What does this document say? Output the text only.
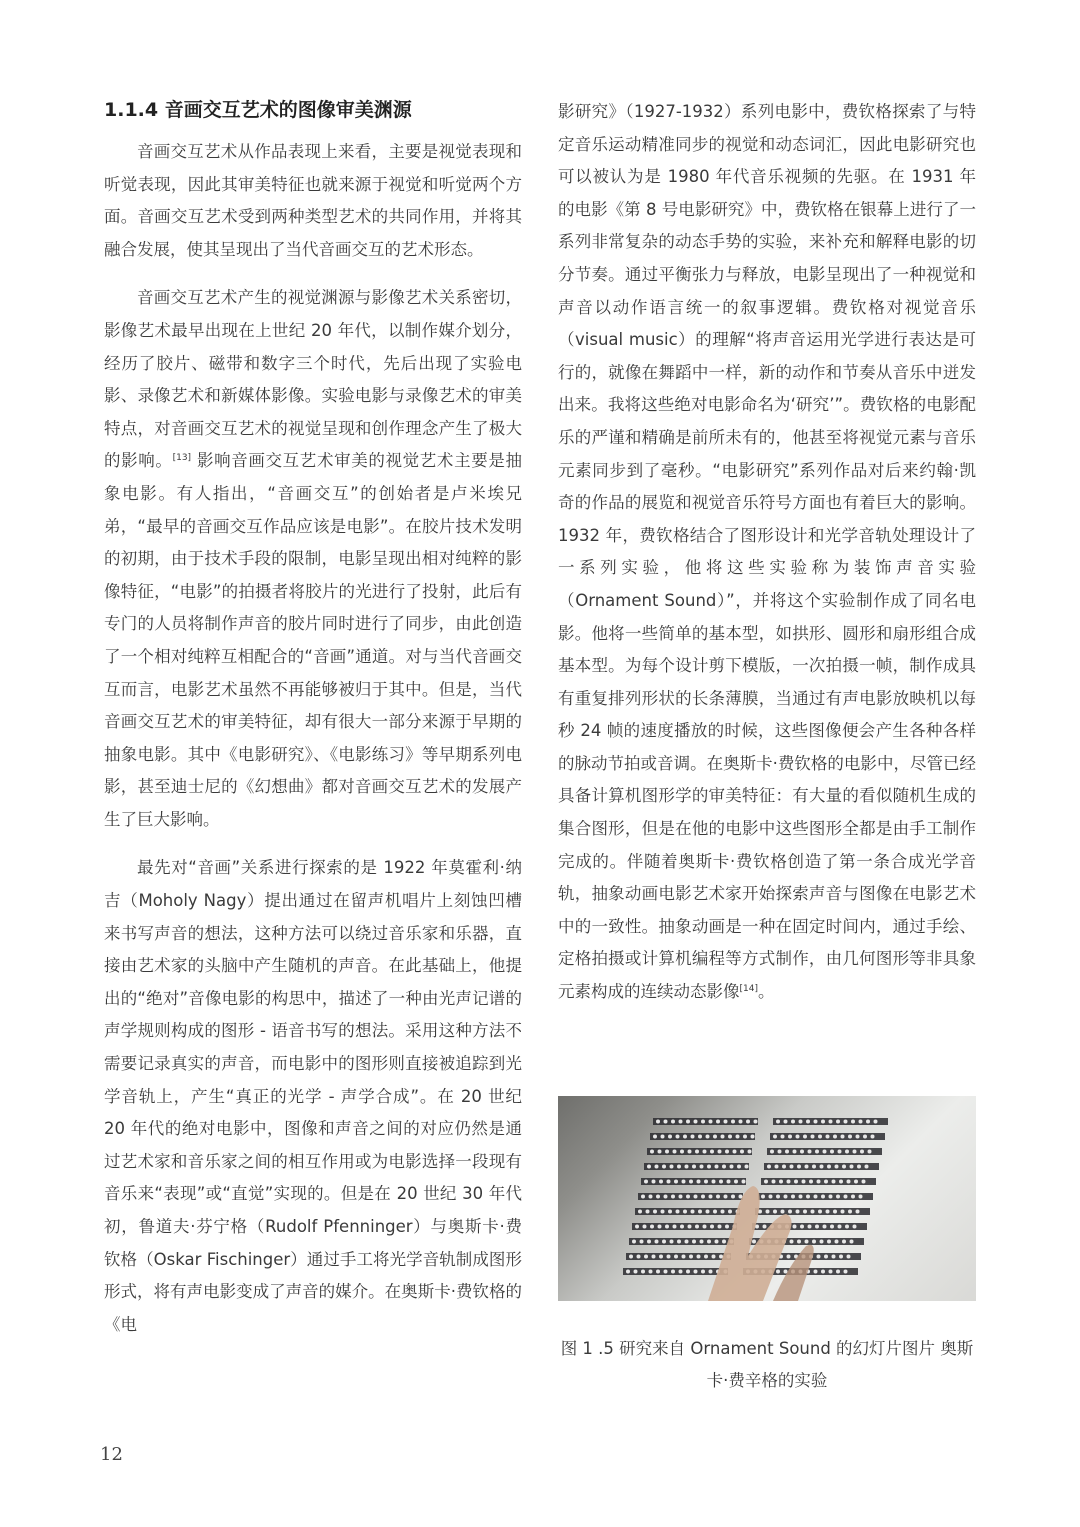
1.1.4 音画交互艺术的图像审美渊源

音画交互艺术从作品表现上来看，主要是视觉表现和听觉表现，因此其审美特征也就来源于视觉和听觉两个方面。音画交互艺术受到两种类型艺术的共同作用，并将其融合发展，使其呈现出了当代音画交互的艺术形态。

音画交互艺术产生的视觉渊源与影像艺术关系密切，影像艺术最早出现在上世纪 20 年代，以制作媒介划分，经历了胶片、磁带和数字三个时代，先后出现了实验电影、录像艺术和新媒体影像。实验电影与录像艺术的审美特点，对音画交互艺术的视觉呈现和创作理念产生了极大的影响。[13] 影响音画交互艺术审美的视觉艺术主要是抽象电影。有人指出，“音画交互”的创始者是卢米埃兄弟，“最早的音画交互作品应该是电影”。在胶片技术发明的初期，由于技术手段的限制，电影呈现出相对纯粹的影像特征，“电影”的拍摄者将胶片的光进行了投射，此后有专门的人员将制作声音的胶片同时进行了同步，由此创造了一个相对纯粹互相配合的“音画”通道。对与当代音画交互而言，电影艺术虽然不再能够被归于其中。但是，当代音画交互艺术的审美特征，却有很大一部分来源于早期的抽象电影。其中《电影研究》、《电影练习》等早期系列电影，甚至迪士尼的《幻想曲》都对音画交互艺术的发展产生了巨大影响。

最先对“音画”关系进行探索的是 1922 年莫霍利·纳吉（Moholy Nagy）提出通过在留声机唱片上刻蚀凹槽来书写声音的想法，这种方法可以绕过音乐家和乐器，直接由艺术家的头脑中产生随机的声音。在此基础上，他提出的“绝对”音像电影的构思中，描述了一种由光声记谱的声学规则构成的图形 - 语音书写的想法。采用这种方法不需要记录真实的声音，而电影中的图形则直接被追踪到光学音轨上，产生“真正的光学 - 声学合成”。在 20 世纪 20 年代的绝对电影中，图像和声音之间的对应仍然是通过艺术家和音乐家之间的相互作用或为电影选择一段现有音乐来“表现”或“直觉”实现的。但是在 20 世纪 30 年代初，鲁道夫·芬宁格（Rudolf Pfenninger）与奥斯卡·费钦格（Oskar Fischinger）通过手工将光学音轨制成图形形式，将有声电影变成了声音的媒介。在奥斯卡·费钦格的《电

影研究》（1927-1932）系列电影中，费钦格探索了与特定音乐运动精准同步的视觉和动态词汇，因此电影研究也可以被认为是 1980 年代音乐视频的先驱。在 1931 年的电影《第 8 号电影研究》中，费钦格在银幕上进行了一系列非常复杂的动态手势的实验，来补充和解释电影的切分节奏。通过平衡张力与释放，电影呈现出了一种视觉和声音以动作语言统一的叙事逻辑。费钦格对视觉音乐（visual music）的理解“将声音运用光学进行表达是可行的，就像在舞蹈中一样，新的动作和节奏从音乐中迸发出来。我将这些绝对电影命名为‘研究’”。费钦格的电影配乐的严谨和精确是前所未有的，他甚至将视觉元素与音乐元素同步到了毫秒。“电影研究”系列作品对后来约翰·凯奇的作品的展览和视觉音乐符号方面也有着巨大的影响。1932 年，费钦格结合了图形设计和光学音轨处理设计了一系列实验，他将这些实验称为装饰声音实验（Ornament Sound）”，并将这个实验制作成了同名电影。他将一些简单的基本型，如拱形、圆形和扇形组合成基本型。为每个设计剪下模版，一次拍摄一帧，制作成具有重复排列形状的长条薄膜，当通过有声电影放映机以每秒 24 帧的速度播放的时候，这些图像便会产生各种各样的脉动节拍或音调。在奥斯卡·费钦格的电影中，尽管已经具备计算机图形学的审美特征：有大量的看似随机生成的集合图形，但是在他的电影中这些图形全都是由手工制作完成的。伴随着奥斯卡·费钦格创造了第一条合成光学音轨，抽象动画电影艺术家开始探索声音与图像在电影艺术中的一致性。抽象动画是一种在固定时间内，通过手绘、定格拍摄或计算机编程等方式制作，由几何图形等非具象元素构成的连续动态影像[14]。

图 1 .5 研究来自 Ornament Sound 的幻灯片图片 奥斯卡·费辛格的实验
12
